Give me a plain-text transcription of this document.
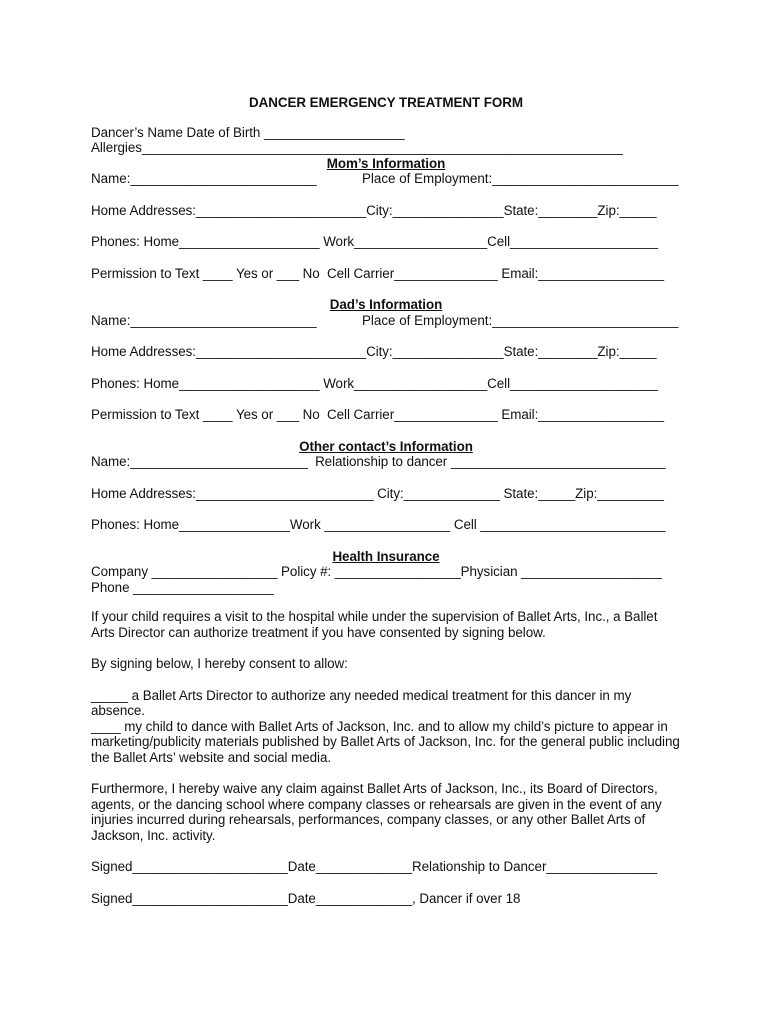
DANCER EMERGENCY TREATMENT FORM
Dancer’s Name Date of Birth ___________________
Allergies_________________________________________________________________
Mom’s Information
Name:_________________________	Place of Employment:_________________________
Home Addresses:_______________________City:_______________State:________Zip:_____
Phones: Home___________________ Work__________________Cell____________________
Permission to Text ____ Yes or ___ No  Cell Carrier______________ Email:_________________
Dad’s Information
Name:_________________________	Place of Employment:_________________________
Home Addresses:_______________________City:_______________State:________Zip:_____
Phones: Home___________________ Work__________________Cell____________________
Permission to Text ____ Yes or ___ No  Cell Carrier______________ Email:_________________
Other contact’s Information
Name:________________________  Relationship to dancer _____________________________
Home Addresses:________________________ City:_____________ State:_____Zip:_________
Phones: Home_______________Work _________________ Cell _________________________
Health Insurance
Company _________________ Policy #: _________________Physician ___________________
Phone ___________________
If your child requires a visit to the hospital while under the supervision of Ballet Arts, Inc., a Ballet Arts Director can authorize treatment if you have consented by signing below.
By signing below, I hereby consent to allow:
_____ a Ballet Arts Director to authorize any needed medical treatment for this dancer in my absence.
____ my child to dance with Ballet Arts of Jackson, Inc. and to allow my child’s picture to appear in marketing/publicity materials published by Ballet Arts of Jackson, Inc. for the general public including the Ballet Arts’ website and social media.
Furthermore, I hereby waive any claim against Ballet Arts of Jackson, Inc., its Board of Directors, agents, or the dancing school where company classes or rehearsals are given in the event of any injuries incurred during rehearsals, performances, company classes, or any other Ballet Arts of Jackson, Inc. activity.
Signed_____________________Date_____________Relationship to Dancer_______________
Signed_____________________Date_____________, Dancer if over 18
